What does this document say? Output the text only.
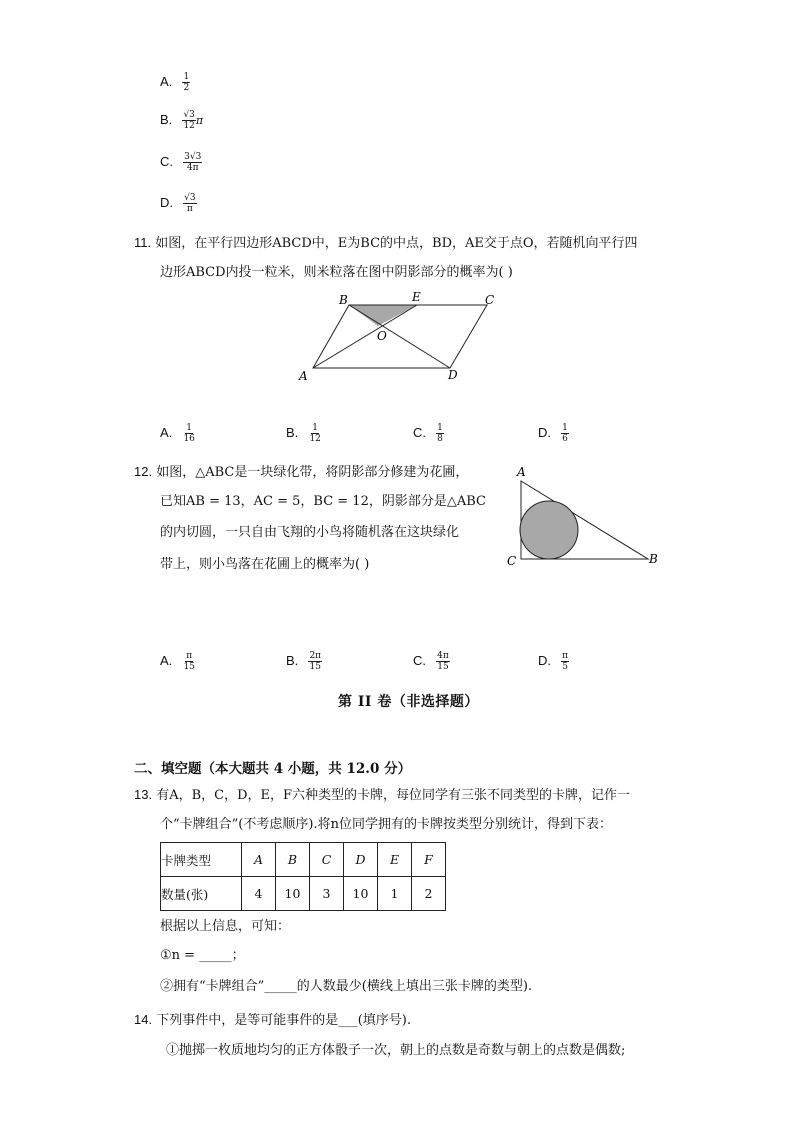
A. $\frac{1}{2}$
B. $\frac{√3}{12}$ π
C. $\frac{3√3}{4\pi}$
D. $\frac{√3}{\pi}$
11. 如图，在平行四边形ABCD中，E为BC的中点，BD，AE交于点O，若随机向平行四
边形ABCD内投一粒米，则米粒落在图中阴影部分的概率为( )
B	E	C
O
A	D
A. $\frac{1}{16}$	B. $\frac{1}{12}$	C. $\frac{1}{8}$	D. $\frac{1}{6}$
12. 如图，△ABC是一块绿化带，将阴影部分修建为花圃，
已知AB = 13，AC = 5，BC = 12，阴影部分是△ABC
的内切圆，一只自由飞翔的小鸟将随机落在这块绿化
带上，则小鸟落在花圃上的概率为( )
A
C	B
A. $\frac{\pi}{15}$	B. $\frac{2\pi}{15}$	C. $\frac{4\pi}{15}$	D. $\frac{\pi}{5}$
第 II 卷（非选择题）
二、填空题（本大题共 4 小题，共 12.0 分）
13. 有A，B，C，D，E，F六种类型的卡牌，每位同学有三张不同类型的卡牌，记作一
个“卡牌组合”(不考虑顺序).将n位同学拥有的卡牌按类型分别统计，得到下表：
卡牌类型	A	B	C	D	E	F
数量(张)	4	10	3	10	1	2
根据以上信息，可知：
①n = _____；
②拥有“卡牌组合”_____的人数最少(横线上填出三张卡牌的类型).
14. 下列事件中，是等可能事件的是___(填序号).
①抛掷一枚质地均匀的正方体骰子一次，朝上的点数是奇数与朝上的点数是偶数;
